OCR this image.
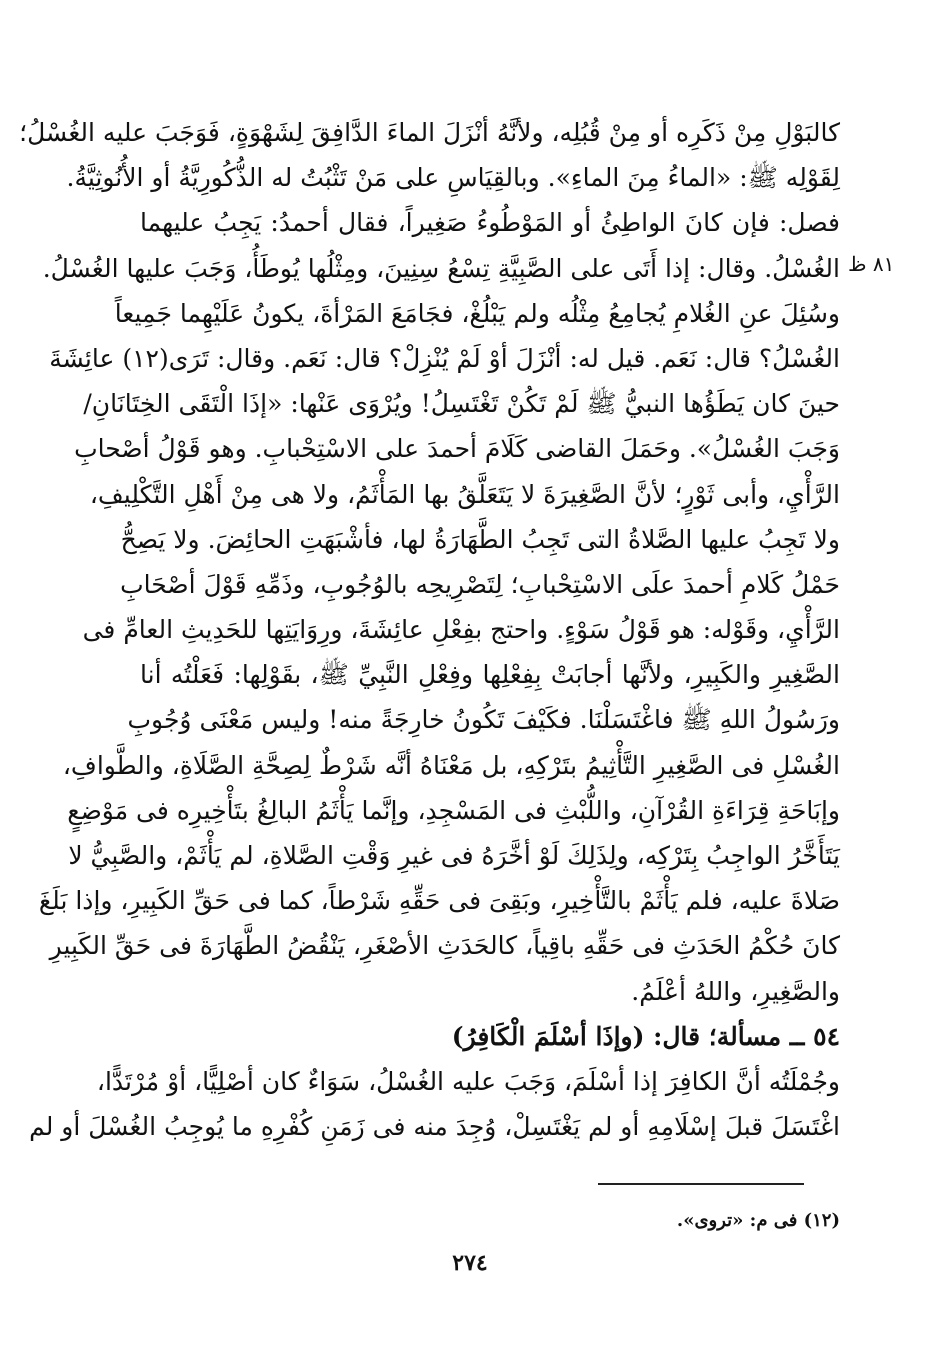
كالبَوْلِ مِنْ ذَكَرِه أو مِنْ قُبُلِه، ولأنَّهُ أنْزَلَ الماءَ الدَّافِقَ لِشَهْوَةٍ، فَوَجَبَ عليه الغُسْلُ؛
لِقَوْلِه ﷺ: «الماءُ مِنَ الماءِ». وبالقِيَاسِ على مَنْ تَثْبُتُ له الذُّكُورِيَّةُ أو الأُنُوثِيَّةُ.
فصل: فإن كانَ الواطِئُ أو المَوْطُوءُ صَغِيراً، فقال أحمدُ: يَجِبُ عليهما
الغُسْلُ. وقال: إذا أَتَى على الصَّبِيَّةِ تِسْعُ سِنِينَ، ومِثْلُها يُوطَأُ، وَجَبَ عليها الغُسْلُ.
وسُئِلَ عنِ الغُلامِ يُجامِعُ مِثْلُه ولم يَبْلُغْ، فجَامَعَ المَرْأةَ، يكونُ عَلَيْهِما جَمِيعاً
الغُسْلُ؟ قال: نَعَم. قيل له: أنْزَلَ أوْ لَمْ يُنْزِلْ؟ قال: نَعَم. وقال: تَرَى(١٢) عائِشَةَ
حينَ كان يَطَؤُها النبيُّ ﷺ لَمْ تَكُنْ تَغْتَسِلُ! ويُرْوَى عَنْها: «إذَا الْتَقَى الخِتَانَانِ/
وَجَبَ الغُسْلُ». وحَمَلَ القاضى كَلَامَ أحمدَ على الاسْتِحْبابِ. وهو قَوْلُ أصْحابِ
الرَّأْيِ، وأبى ثَوْرٍ؛ لأنَّ الصَّغِيرَةَ لا يَتَعَلَّقُ بها المَأْثَمُ، ولا هى مِنْ أَهْلِ التَّكْلِيفِ،
ولا تَجِبُ عليها الصَّلاةُ التى تَجِبُ الطَّهَارَةُ لها، فأشْبَهَتِ الحائِضَ. ولا يَصِحُّ
حَمْلُ كَلامِ أحمدَ علَى الاسْتِحْبابِ؛ لِتَصْرِيحِه بالوُجُوبِ، وذَمِّهِ قَوْلَ أصْحَابِ
الرَّأْيِ، وقَوْله: هو قَوْلُ سَوْءٍ. واحتج بفِعْلِ عائِشَةَ، ورِوَايَتِها للحَدِيثِ العامِّ فى
الصَّغِيرِ والكَبِيرِ، ولأنَّها أجابَتْ بِفِعْلِها وفِعْلِ النَّبِيِّ ﷺ، بقَوْلِها: فَعَلْتُه أنا
ورَسُولُ اللهِ ﷺ فاغْتَسَلْنَا. فكَيْفَ تَكُونُ خارِجَةً منه! وليس مَعْنَى وُجُوبِ
الغُسْلِ فى الصَّغِيرِ التَّأْثِيمُ بتَرْكِهِ، بل مَعْنَاهُ أنَّه شَرْطٌ لِصِحَّةِ الصَّلَاةِ، والطَّوافِ،
وإبَاحَةِ قِرَاءَةِ القُرْآنِ، واللُّبْثِ فى المَسْجِدِ، وإنَّما يَأْثَمُ البالِغُ بتَأْخِيرِه فى مَوْضِعٍ
يَتَأَخَّرُ الواجِبُ بِتَرْكِه، ولِذَلِكَ لَوْ أخَّرَهُ فى غيرِ وَقْتِ الصَّلاةِ، لم يَأْثَمْ، والصَّبِيُّ لا
صَلاةَ عليه، فلم يَأْثَمْ بالتَّأْخِيرِ، وبَقِىَ فى حَقِّهِ شَرْطاً، كما فى حَقِّ الكَبِيرِ، وإذا بَلَغَ
كانَ حُكْمُ الحَدَثِ فى حَقِّهِ باقِياً، كالحَدَثِ الأصْغَرِ، يَنْقُضُ الطَّهَارَةَ فى حَقِّ الكَبِيرِ
والصَّغِيرِ، واللهُ أعْلَمُ.
٥٤ ــ مسألة؛ قال: (وإذَا أسْلَمَ الْكَافِرُ)
وجُمْلَتُه أنَّ الكافِرَ إذا أسْلَمَ، وَجَبَ عليه الغُسْلُ، سَوَاءٌ كان أصْلِيًّا، أوْ مُرْتَدًّا،
اغْتَسَلَ قبلَ إسْلَامِهِ أو لم يَغْتَسِلْ، وُجِدَ منه فى زَمَنِ كُفْرِهِ ما يُوجِبُ الغُسْلَ أو لم
٨١ ظ
(١٢) فى م: «تروى».
٢٧٤
